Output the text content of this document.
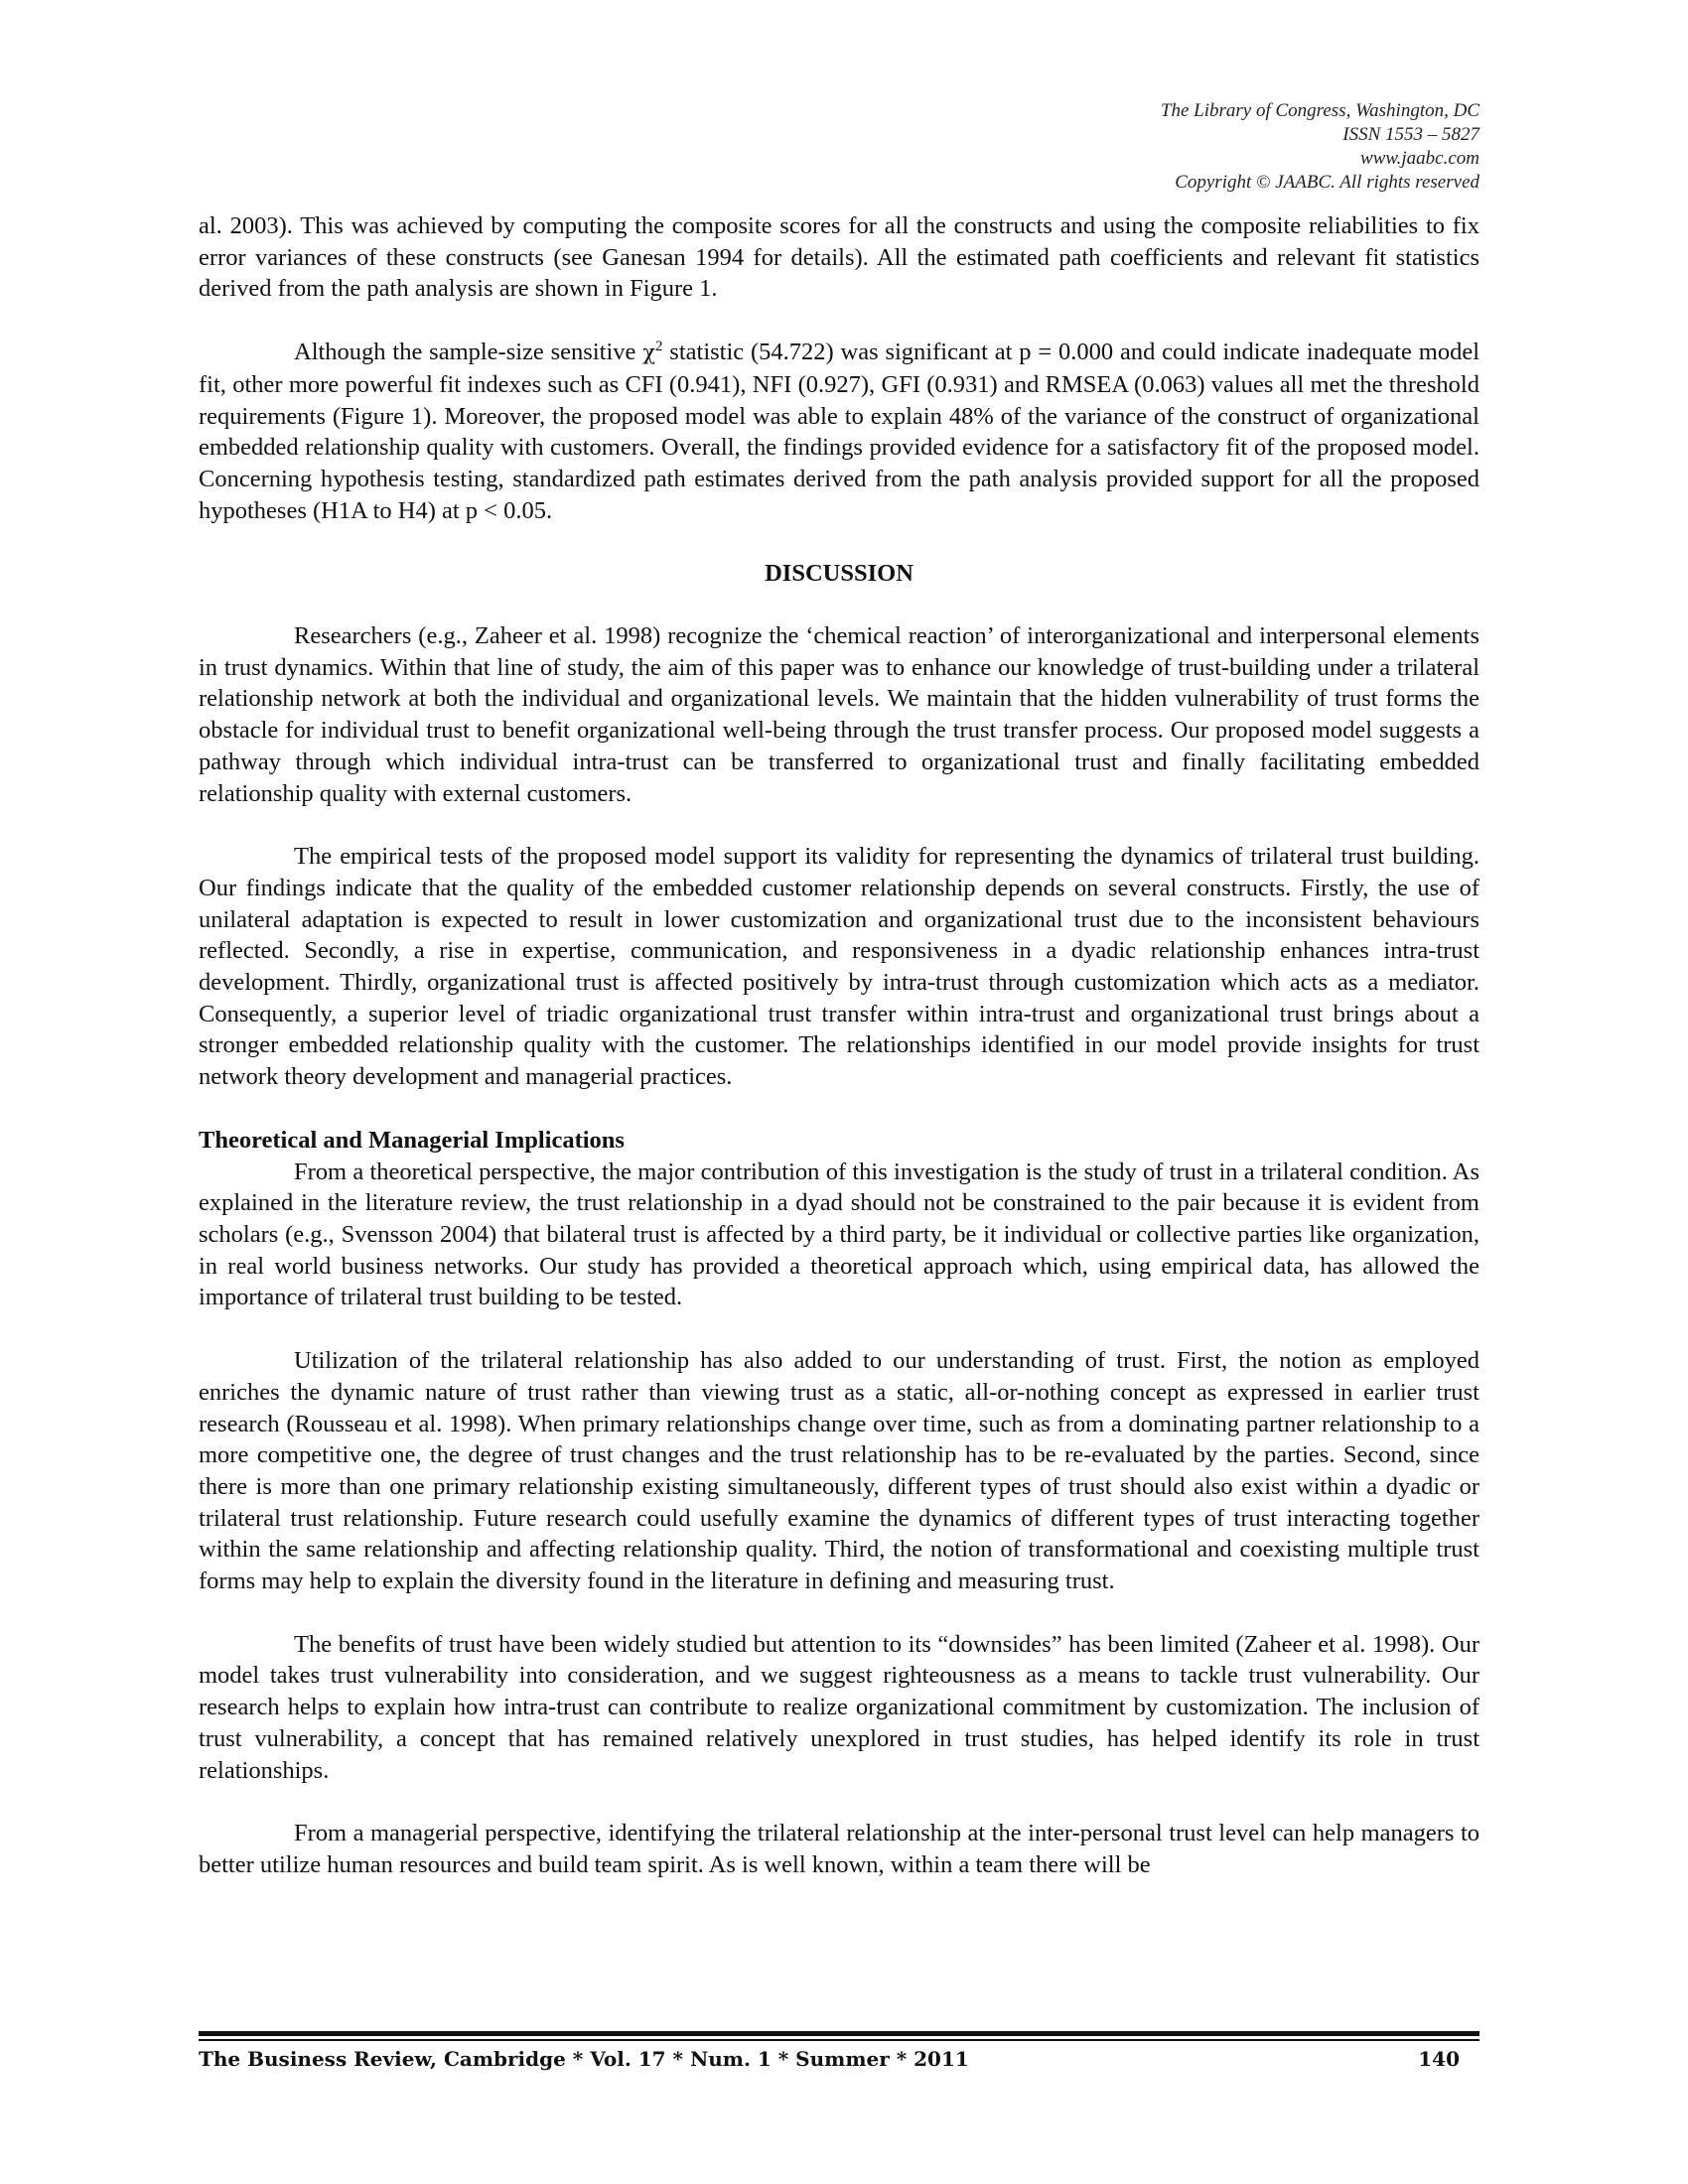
The Library of Congress, Washington, DC
ISSN 1553 – 5827
www.jaabc.com
Copyright © JAABC. All rights reserved

al. 2003). This was achieved by computing the composite scores for all the constructs and using the composite reliabilities to fix error variances of these constructs (see Ganesan 1994 for details). All the estimated path coefficients and relevant fit statistics derived from the path analysis are shown in Figure 1.

Although the sample-size sensitive $\chi^2$ statistic (54.722) was significant at p = 0.000 and could indicate inadequate model fit, other more powerful fit indexes such as CFI (0.941), NFI (0.927), GFI (0.931) and RMSEA (0.063) values all met the threshold requirements (Figure 1). Moreover, the proposed model was able to explain 48% of the variance of the construct of organizational embedded relationship quality with customers. Overall, the findings provided evidence for a satisfactory fit of the proposed model. Concerning hypothesis testing, standardized path estimates derived from the path analysis provided support for all the proposed hypotheses (H1A to H4) at p < 0.05.

DISCUSSION

Researchers (e.g., Zaheer et al. 1998) recognize the ‘chemical reaction’ of interorganizational and interpersonal elements in trust dynamics. Within that line of study, the aim of this paper was to enhance our knowledge of trust-building under a trilateral relationship network at both the individual and organizational levels. We maintain that the hidden vulnerability of trust forms the obstacle for individual trust to benefit organizational well-being through the trust transfer process. Our proposed model suggests a pathway through which individual intra-trust can be transferred to organizational trust and finally facilitating embedded relationship quality with external customers.

The empirical tests of the proposed model support its validity for representing the dynamics of trilateral trust building. Our findings indicate that the quality of the embedded customer relationship depends on several constructs. Firstly, the use of unilateral adaptation is expected to result in lower customization and organizational trust due to the inconsistent behaviours reflected. Secondly, a rise in expertise, communication, and responsiveness in a dyadic relationship enhances intra-trust development. Thirdly, organizational trust is affected positively by intra-trust through customization which acts as a mediator. Consequently, a superior level of triadic organizational trust transfer within intra-trust and organizational trust brings about a stronger embedded relationship quality with the customer. The relationships identified in our model provide insights for trust network theory development and managerial practices.

Theoretical and Managerial Implications

From a theoretical perspective, the major contribution of this investigation is the study of trust in a trilateral condition. As explained in the literature review, the trust relationship in a dyad should not be constrained to the pair because it is evident from scholars (e.g., Svensson 2004) that bilateral trust is affected by a third party, be it individual or collective parties like organization, in real world business networks. Our study has provided a theoretical approach which, using empirical data, has allowed the importance of trilateral trust building to be tested.

Utilization of the trilateral relationship has also added to our understanding of trust. First, the notion as employed enriches the dynamic nature of trust rather than viewing trust as a static, all-or-nothing concept as expressed in earlier trust research (Rousseau et al. 1998). When primary relationships change over time, such as from a dominating partner relationship to a more competitive one, the degree of trust changes and the trust relationship has to be re-evaluated by the parties. Second, since there is more than one primary relationship existing simultaneously, different types of trust should also exist within a dyadic or trilateral trust relationship. Future research could usefully examine the dynamics of different types of trust interacting together within the same relationship and affecting relationship quality. Third, the notion of transformational and coexisting multiple trust forms may help to explain the diversity found in the literature in defining and measuring trust.

The benefits of trust have been widely studied but attention to its “downsides” has been limited (Zaheer et al. 1998). Our model takes trust vulnerability into consideration, and we suggest righteousness as a means to tackle trust vulnerability. Our research helps to explain how intra-trust can contribute to realize organizational commitment by customization. The inclusion of trust vulnerability, a concept that has remained relatively unexplored in trust studies, has helped identify its role in trust relationships.

From a managerial perspective, identifying the trilateral relationship at the inter-personal trust level can help managers to better utilize human resources and build team spirit. As is well known, within a team there will be

The Business Review, Cambridge * Vol. 17 * Num. 1 * Summer * 2011	140
